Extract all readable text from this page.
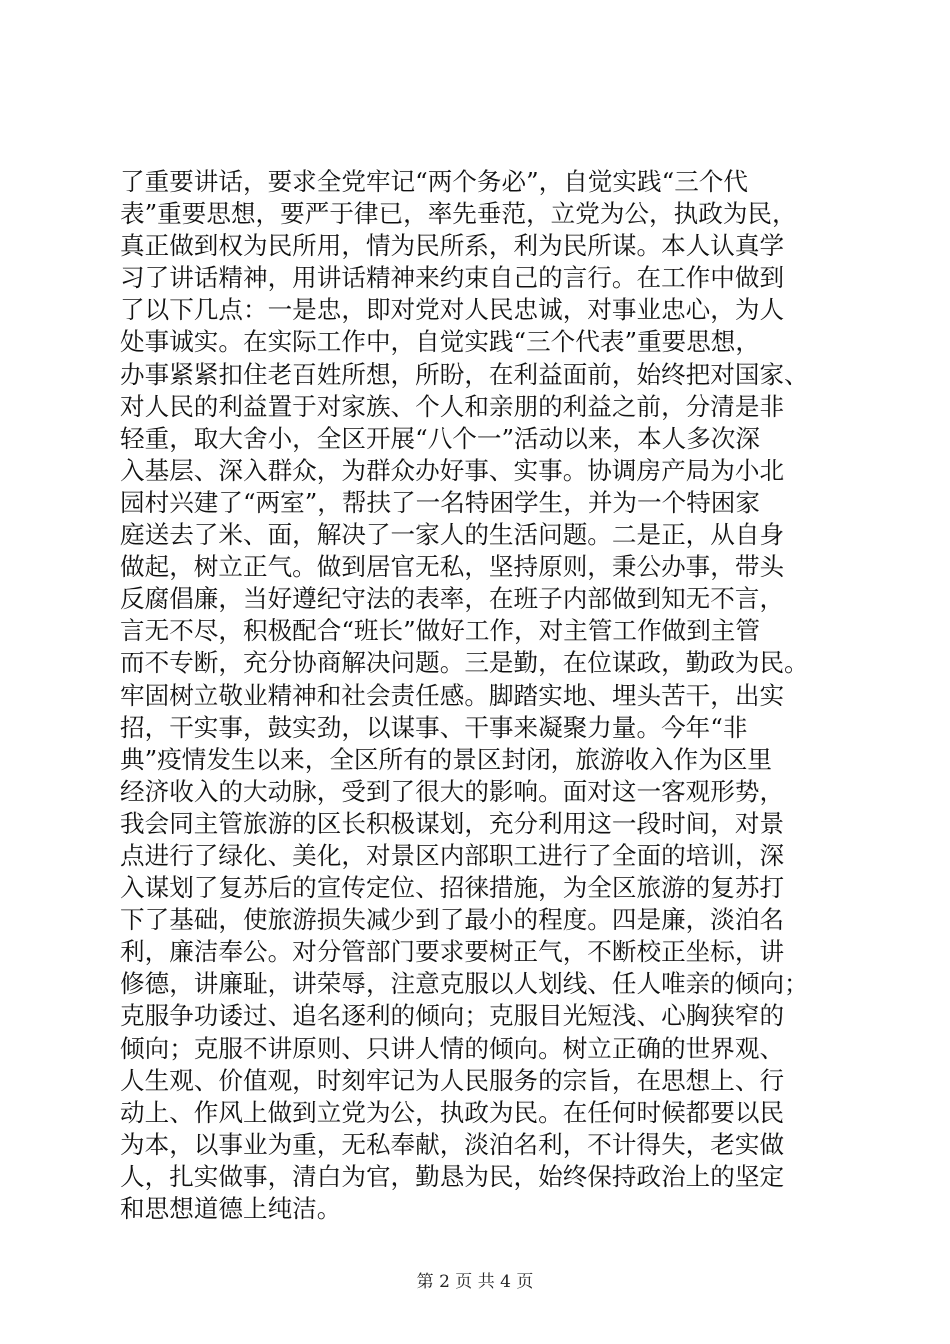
了重要讲话，要求全党牢记“两个务必”，自觉实践“三个代
表”重要思想，要严于律已，率先垂范，立党为公，执政为民，
真正做到权为民所用，情为民所系，利为民所谋。本人认真学
习了讲话精神，用讲话精神来约束自己的言行。在工作中做到
了以下几点：一是忠，即对党对人民忠诚，对事业忠心，为人
处事诚实。在实际工作中，自觉实践“三个代表”重要思想，
办事紧紧扣住老百姓所想，所盼，在利益面前，始终把对国家、
对人民的利益置于对家族、个人和亲朋的利益之前，分清是非
轻重，取大舍小，全区开展“八个一”活动以来，本人多次深
入基层、深入群众，为群众办好事、实事。协调房产局为小北
园村兴建了“两室”，帮扶了一名特困学生，并为一个特困家
庭送去了米、面，解决了一家人的生活问题。二是正，从自身
做起，树立正气。做到居官无私，坚持原则，秉公办事，带头
反腐倡廉，当好遵纪守法的表率，在班子内部做到知无不言，
言无不尽，积极配合“班长”做好工作，对主管工作做到主管
而不专断，充分协商解决问题。三是勤，在位谋政，勤政为民。
牢固树立敬业精神和社会责任感。脚踏实地、埋头苦干，出实
招，干实事，鼓实劲，以谋事、干事来凝聚力量。今年“非
典”疫情发生以来，全区所有的景区封闭，旅游收入作为区里
经济收入的大动脉，受到了很大的影响。面对这一客观形势，
我会同主管旅游的区长积极谋划，充分利用这一段时间，对景
点进行了绿化、美化，对景区内部职工进行了全面的培训，深
入谋划了复苏后的宣传定位、招徕措施，为全区旅游的复苏打
下了基础，使旅游损失减少到了最小的程度。四是廉，淡泊名
利，廉洁奉公。对分管部门要求要树正气，不断校正坐标，讲
修德，讲廉耻，讲荣辱，注意克服以人划线、任人唯亲的倾向；
克服争功诿过、追名逐利的倾向；克服目光短浅、心胸狭窄的
倾向；克服不讲原则、只讲人情的倾向。树立正确的世界观、
人生观、价值观，时刻牢记为人民服务的宗旨，在思想上、行
动上、作风上做到立党为公，执政为民。在任何时候都要以民
为本，以事业为重，无私奉献，淡泊名利，不计得失，老实做
人，扎实做事，清白为官，勤恳为民，始终保持政治上的坚定
和思想道德上纯洁。
第 2 页 共 4 页
